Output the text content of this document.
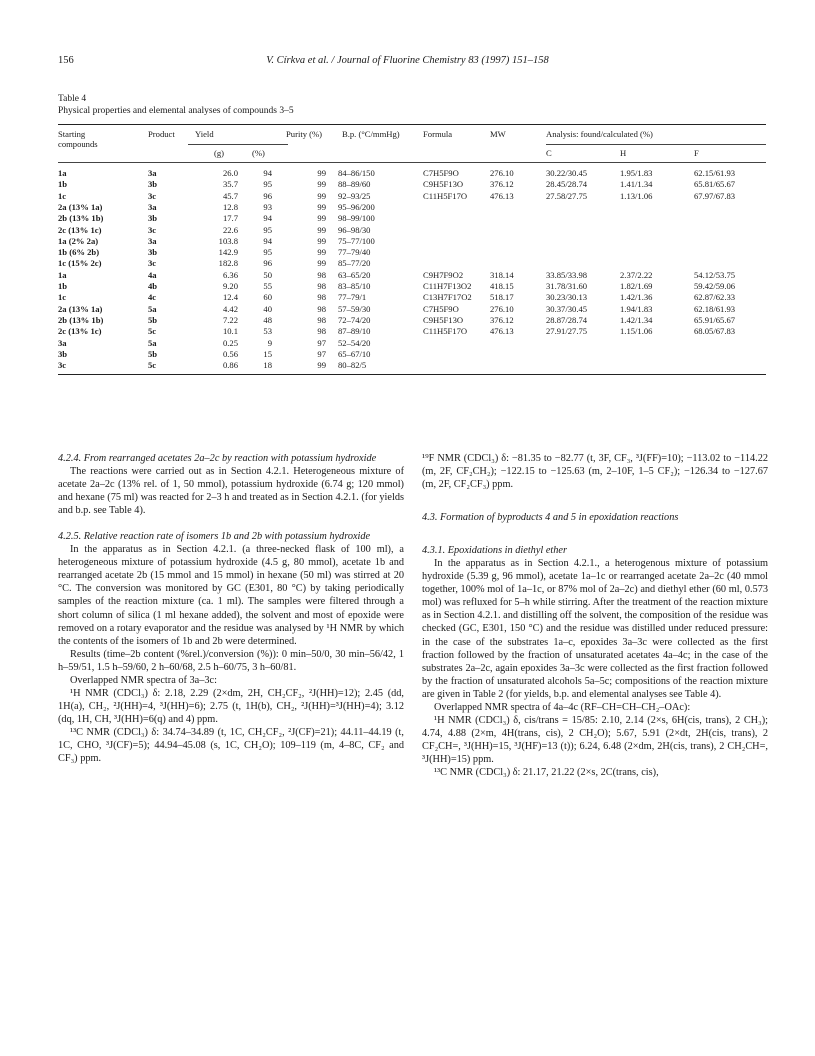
156	V. Církva et al. / Journal of Fluorine Chemistry 83 (1997) 151–158
Table 4
Physical properties and elemental analyses of compounds 3–5
Starting
compounds
Product Yield	Purity (%) B.p. (°C/mmHg)	Formula	MW	Analysis: found/calculated (%)
(g)	(%)	C	H	F
1a	3a	26.0	94	99 84–86/150	C7H5F9O	276.10	30.22/30.45	1.95/1.83	62.15/61.93
1b	3b	35.7	95	99 88–89/60	C9H5F13O	376.12	28.45/28.74	1.41/1.34	65.81/65.67
1c	3c	45.7	96	99 92–93/25	C11H5F17O	476.13	27.58/27.75	1.13/1.06	67.97/67.83
2a (13% 1a)	3a	12.8	93	99 95–96/200
2b (13% 1b)	3b	17.7	94	99 98–99/100
2c (13% 1c)	3c	22.6	95	99 96–98/30
1a (2% 2a)	3a	103.8	94	99 75–77/100
1b (6% 2b)	3b	142.9	95	99 77–79/40
1c (15% 2c)	3c	182.8	96	99 85–77/20
1a	4a	6.36	50	98 63–65/20	C9H7F9O2	318.14	33.85/33.98	2.37/2.22	54.12/53.75
1b	4b	9.20	55	98 83–85/10	C11H7F13O2 418.15	31.78/31.60	1.82/1.69	59.42/59.06
1c	4c	12.4	60	98 77–79/1	C13H7F17O2 518.17	30.23/30.13	1.42/1.36	62.87/62.33
2a (13% 1a)	5a	4.42	40	98 57–59/30	C7H5F9O	276.10	30.37/30.45	1.94/1.83	62.18/61.93
2b (13% 1b)	5b	7.22	48	98 72–74/20	C9H5F13O	376.12	28.87/28.74	1.42/1.34	65.91/65.67
2c (13% 1c)	5c	10.1	53	98 87–89/10	C11H5F17O	476.13	27.91/27.75	1.15/1.06	68.05/67.83
3a	5a	0.25	9	97 52–54/20
3b	5b	0.56	15	97 65–67/10
3c	5c	0.86	18	99 80–82/5

4.2.4. From rearranged acetates 2a–2c by reaction with potassium hydroxide

The reactions were carried out as in Section 4.2.1. Heterogeneous mixture of acetate 2a–2c (13% rel. of 1, 50 mmol), potassium hydroxide (6.74 g; 120 mmol) and hexane (75 ml) was reacted for 2–3 h and treated as in Section 4.2.1. (for yields and b.p. see Table 4).

4.2.5. Relative reaction rate of isomers 1b and 2b with potassium hydroxide

In the apparatus as in Section 4.2.1. (a three-necked flask of 100 ml), a heterogeneous mixture of potassium hydroxide (4.5 g, 80 mmol), acetate 1b and rearranged acetate 2b (15 mmol and 15 mmol) in hexane (50 ml) was stirred at 20 °C. The conversion was monitored by GC (E301, 80 °C) by taking periodically samples of the reaction mixture (ca. 1 ml). The samples were filtered through a short column of silica (1 ml hexane added), the solvent and most of epoxide were removed on a rotary evaporator and the residue was analysed by ¹H NMR by which the contents of the isomers of 1b and 2b were determined.

Results (time–2b content (%rel.)/conversion (%)): 0 min–50/0, 30 min–56/42, 1 h–59/51, 1.5 h–59/60, 2 h–60/68, 2.5 h–60/75, 3 h–60/81.

Overlapped NMR spectra of 3a–3c:

¹H NMR (CDCl₃) δ: 2.18, 2.29 (2×dm, 2H, CH₂CF₂, ²J(HH)=12); 2.45 (dd, 1H(a), CH₂, ²J(HH)=4, ³J(HH)=6); 2.75 (t, 1H(b), CH₂, ²J(HH)=³J(HH)=4); 3.12 (dq, 1H, CH, ³J(HH)=6(q) and 4) ppm.

¹³C NMR (CDCl₃) δ: 34.74–34.89 (t, 1C, CH₂CF₂, ²J(CF)=21); 44.11–44.19 (t, 1C, CHO, ³J(CF)=5); 44.94–45.08 (s, 1C, CH₂O); 109–119 (m, 4–8C, CF₂ and CF₃) ppm.

¹⁹F NMR (CDCl₃) δ: −81.35 to −82.77 (t, 3F, CF₃, ³J(FF)=10); −113.02 to −114.22 (m, 2F, CF₂CH₂); −122.15 to −125.63 (m, 2–10F, 1–5 CF₂); −126.34 to −127.67 (m, 2F, CF₂CF₃) ppm.

4.3. Formation of byproducts 4 and 5 in epoxidation reactions

4.3.1. Epoxidations in diethyl ether

In the apparatus as in Section 4.2.1., a heterogenous mixture of potassium hydroxide (5.39 g, 96 mmol), acetate 1a–1c or rearranged acetate 2a–2c (40 mmol together, 100% mol of 1a–1c, or 87% mol of 2a–2c) and diethyl ether (60 ml, 0.573 mol) was refluxed for 5–h while stirring. After the treatment of the reaction mixture as in Section 4.2.1. and distilling off the solvent, the composition of the residue was checked (GC, E301, 150 °C) and the residue was distilled under reduced pressure: in the case of the substrates 1a–c, epoxides 3a–3c were collected as the first fraction followed by the fraction of unsaturated acetates 4a–4c; in the case of the substrates 2a–2c, again epoxides 3a–3c were collected as the first fraction followed by the fraction of unsaturated alcohols 5a–5c; compositions of the reaction mixture are given in Table 2 (for yields, b.p. and elemental analyses see Table 4).

Overlapped NMR spectra of 4a–4c (RF–CH=CH–CH₂–OAc):

¹H NMR (CDCl₃) δ, cis/trans = 15/85: 2.10, 2.14 (2×s, 6H(cis, trans), 2 CH₃); 4.74, 4.88 (2×m, 4H(trans, cis), 2 CH₂O); 5.67, 5.91 (2×dt, 2H(cis, trans), 2 CF₂CH=, ³J(HH)=15, ³J(HF)=13 (t)); 6.24, 6.48 (2×dm, 2H(cis, trans), 2 CH₂CH=, ³J(HH)=15) ppm.

¹³C NMR (CDCl₃) δ: 21.17, 21.22 (2×s, 2C(trans, cis),
